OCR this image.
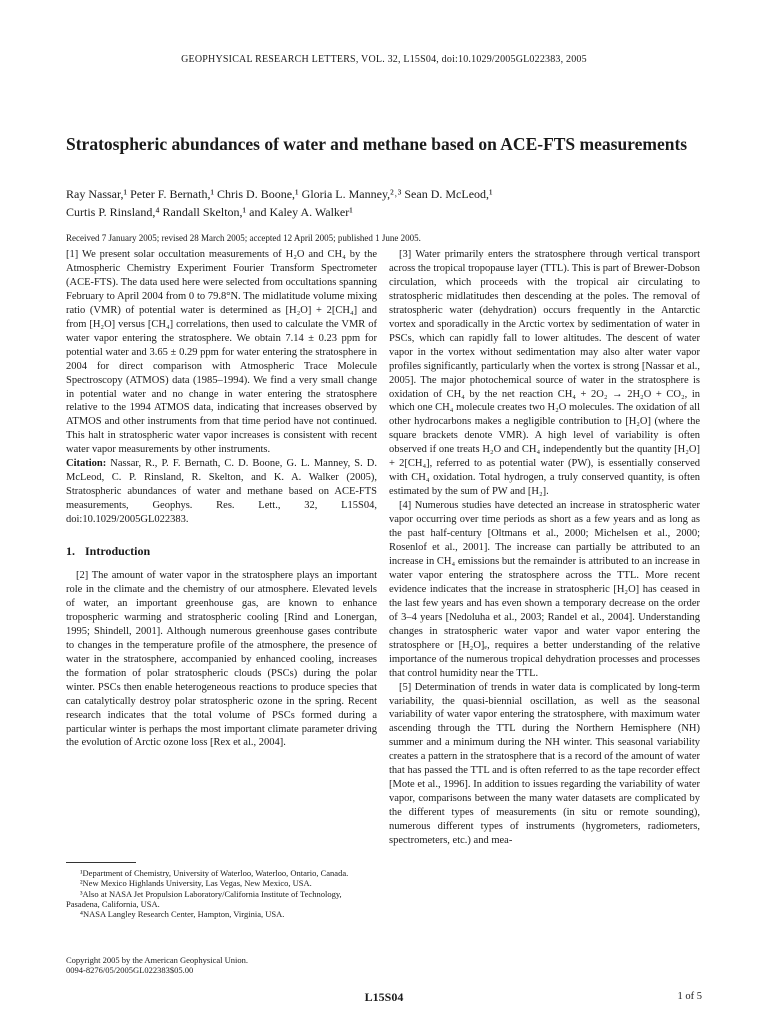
GEOPHYSICAL RESEARCH LETTERS, VOL. 32, L15S04, doi:10.1029/2005GL022383, 2005
Stratospheric abundances of water and methane based on ACE-FTS measurements
Ray Nassar,¹ Peter F. Bernath,¹ Chris D. Boone,¹ Gloria L. Manney,²˒³ Sean D. McLeod,¹
Curtis P. Rinsland,⁴ Randall Skelton,¹ and Kaley A. Walker¹
Received 7 January 2005; revised 28 March 2005; accepted 12 April 2005; published 1 June 2005.

[1] We present solar occultation measurements of H₂O and CH₄ by the Atmospheric Chemistry Experiment Fourier Transform Spectrometer (ACE-FTS). The data used here were selected from occultations spanning February to April 2004 from 0 to 79.8°N. The midlatitude volume mixing ratio (VMR) of potential water is determined as [H₂O] + 2[CH₄] and from [H₂O] versus [CH₄] correlations, then used to calculate the VMR of water vapor entering the stratosphere. We obtain 7.14 ± 0.23 ppm for potential water and 3.65 ± 0.29 ppm for water entering the stratosphere in 2004 for direct comparison with Atmospheric Trace Molecule Spectroscopy (ATMOS) data (1985–1994). We find a very small change in potential water and no change in water entering the stratosphere relative to the 1994 ATMOS data, indicating that increases observed by ATMOS and other instruments from that time period have not continued. This halt in stratospheric water vapor increases is consistent with recent water vapor measurements by other instruments.

Citation: Nassar, R., P. F. Bernath, C. D. Boone, G. L. Manney, S. D. McLeod, C. P. Rinsland, R. Skelton, and K. A. Walker (2005), Stratospheric abundances of water and methane based on ACE-FTS measurements, Geophys. Res. Lett., 32, L15S04, doi:10.1029/2005GL022383.

1. Introduction

[2] The amount of water vapor in the stratosphere plays an important role in the climate and the chemistry of our atmosphere. Elevated levels of water, an important greenhouse gas, are known to enhance tropospheric warming and stratospheric cooling [Rind and Lonergan, 1995; Shindell, 2001]. Although numerous greenhouse gases contribute to changes in the temperature profile of the atmosphere, the presence of water in the stratosphere, accompanied by enhanced cooling, increases the formation of polar stratospheric clouds (PSCs) during the polar winter. PSCs then enable heterogeneous reactions to produce species that can catalytically destroy polar stratospheric ozone in the spring. Recent research indicates that the total volume of PSCs formed during a particular winter is perhaps the most important climate parameter driving the evolution of Arctic ozone loss [Rex et al., 2004].

¹Department of Chemistry, University of Waterloo, Waterloo, Ontario, Canada.

²New Mexico Highlands University, Las Vegas, New Mexico, USA.

³Also at NASA Jet Propulsion Laboratory/California Institute of Technology, Pasadena, California, USA.

⁴NASA Langley Research Center, Hampton, Virginia, USA.

Copyright 2005 by the American Geophysical Union.
0094-8276/05/2005GL022383$05.00

[3] Water primarily enters the stratosphere through vertical transport across the tropical tropopause layer (TTL). This is part of Brewer-Dobson circulation, which proceeds with the tropical air circulating to stratospheric midlatitudes then descending at the poles. The removal of stratospheric water (dehydration) occurs frequently in the Antarctic vortex and sporadically in the Arctic vortex by sedimentation of water in PSCs, which can rapidly fall to lower altitudes. The descent of water vapor in the vortex without sedimentation may also alter water vapor profiles significantly, particularly when the vortex is strong [Nassar et al., 2005]. The major photochemical source of water in the stratosphere is oxidation of CH₄ by the net reaction CH₄ + 2O₂ → 2H₂O + CO₂, in which one CH₄ molecule creates two H₂O molecules. The oxidation of all other hydrocarbons makes a negligible contribution to [H₂O] (where the square brackets denote VMR). A high level of variability is often observed if one treats H₂O and CH₄ independently but the quantity [H₂O] + 2[CH₄], referred to as potential water (PW), is essentially conserved with CH₄ oxidation. Total hydrogen, a truly conserved quantity, is often estimated by the sum of PW and [H₂].

[4] Numerous studies have detected an increase in stratospheric water vapor occurring over time periods as short as a few years and as long as the past half-century [Oltmans et al., 2000; Michelsen et al., 2000; Rosenlof et al., 2001]. The increase can partially be attributed to an increase in CH₄ emissions but the remainder is attributed to an increase in water vapor entering the stratosphere across the TTL. More recent evidence indicates that the increase in stratospheric [H₂O] has ceased in the last few years and has even shown a temporary decrease on the order of 3–4 years [Nedoluha et al., 2003; Randel et al., 2004]. Understanding changes in stratospheric water vapor and water vapor entering the stratosphere or [H₂O]ₑ, requires a better understanding of the relative importance of the numerous tropical dehydration processes and processes that control humidity near the TTL.

[5] Determination of trends in water data is complicated by long-term variability, the quasi-biennial oscillation, as well as the seasonal variability of water vapor entering the stratosphere, with maximum water ascending through the TTL during the Northern Hemisphere (NH) summer and a minimum during the NH winter. This seasonal variability creates a pattern in the stratosphere that is a record of the amount of water that has passed the TTL and is often referred to as the tape recorder effect [Mote et al., 1996]. In addition to issues regarding the variability of water vapor, comparisons between the many water datasets are complicated by the different types of measurements (in situ or remote sounding), numerous different types of instruments (hygrometers, radiometers, spectrometers, etc.) and mea-

L15S04	1 of 5
